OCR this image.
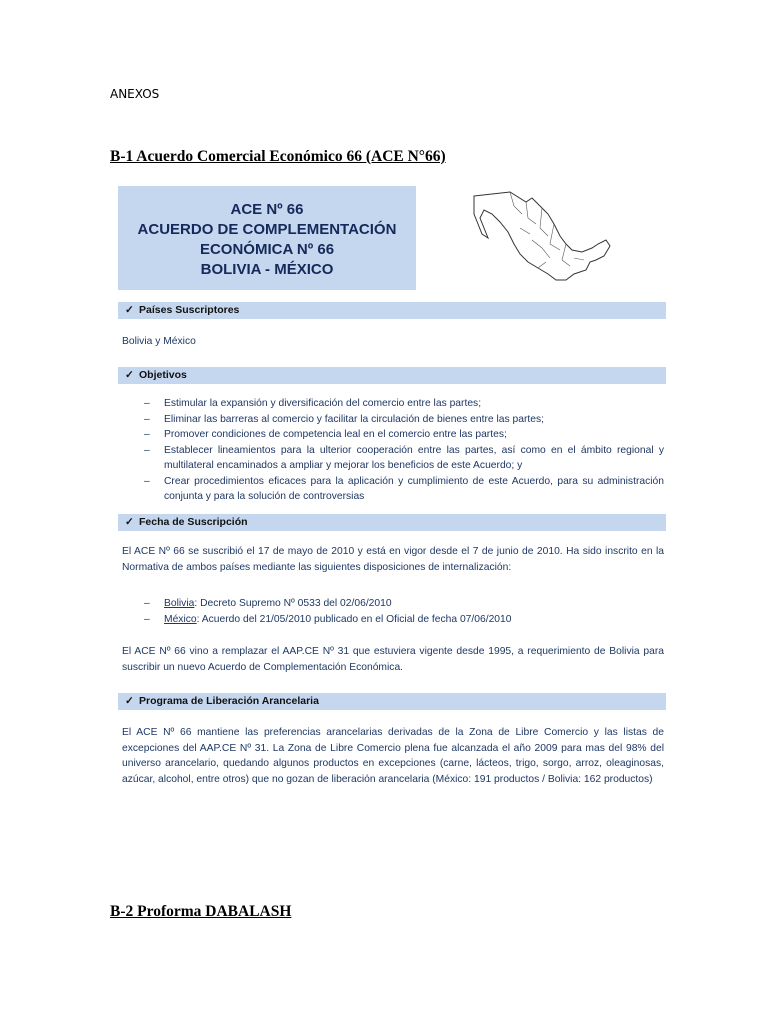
ANEXOS
B-1 Acuerdo Comercial Económico 66 (ACE N°66)
ACE Nº 66
ACUERDO DE COMPLEMENTACIÓN
ECONÓMICA Nº 66
BOLIVIA - MÉXICO
✓ Países Suscriptores
Bolivia y México
✓ Objetivos
– Estimular la expansión y diversificación del comercio entre las partes;
– Eliminar las barreras al comercio y facilitar la circulación de bienes entre las partes;
– Promover condiciones de competencia leal en el comercio entre las partes;
– Establecer lineamientos para la ulterior cooperación entre las partes, así como en el ámbito regional y multilateral encaminados a ampliar y mejorar los beneficios de este Acuerdo; y
– Crear procedimientos eficaces para la aplicación y cumplimiento de este Acuerdo, para su administración conjunta y para la solución de controversias
✓ Fecha de Suscripción
El ACE Nº 66 se suscribió el 17 de mayo de 2010 y está en vigor desde el 7 de junio de 2010. Ha sido inscrito en la Normativa de ambos países mediante las siguientes disposiciones de internalización:
– Bolivia: Decreto Supremo Nº 0533 del 02/06/2010
– México: Acuerdo del 21/05/2010 publicado en el Oficial de fecha 07/06/2010
El ACE Nº 66 vino a remplazar el AAP.CE Nº 31 que estuviera vigente desde 1995, a requerimiento de Bolivia para suscribir un nuevo Acuerdo de Complementación Económica.
✓ Programa de Liberación Arancelaria
El ACE Nº 66 mantiene las preferencias arancelarias derivadas de la Zona de Libre Comercio y las listas de excepciones del AAP.CE Nº 31. La Zona de Libre Comercio plena fue alcanzada el año 2009 para mas del 98% del universo arancelario, quedando algunos productos en excepciones (carne, lácteos, trigo, sorgo, arroz, oleaginosas, azúcar, alcohol, entre otros) que no gozan de liberación arancelaria (México: 191 productos / Bolivia: 162 productos)
B-2 Proforma DABALASH
